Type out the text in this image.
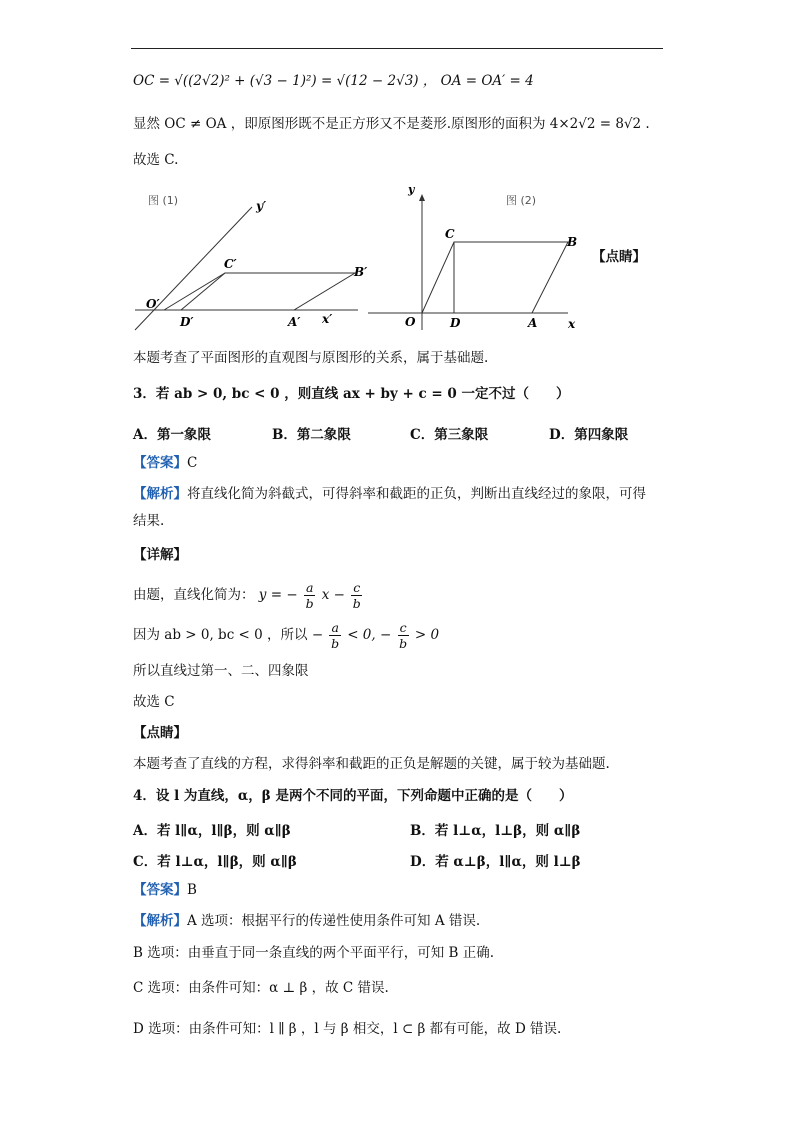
OC = √((2√2)² + (√3 − 1)²) = √(12 − 2√3) ， OA = OA′ = 4
显然 OC ≠ OA ，即原图形既不是正方形又不是菱形.原图形的面积为 4×2√2 = 8√2 .
故选 C.
图 (1)	y′
C′
B′
O′
D′	A′ x′
图 (2)
y
C
B
O	D	A	x
【点睛】
本题考查了平面图形的直观图与原图形的关系，属于基础题.
3．若 ab > 0, bc < 0 ，则直线 ax + by + c = 0 一定不过（　　）
A．第一象限	B．第二象限	C．第三象限	D．第四象限
【答案】C
【解析】将直线化简为斜截式，可得斜率和截距的正负，判断出直线经过的象限，可得
结果.
【详解】
由题，直线化简为： y = − $\frac{a}{b}$ $x - \frac{c}{b}$
因为 ab > 0, bc < 0 ，所以 − $\frac{a}{b} < 0$, − $\frac{c}{b} > 0$
所以直线过第一、二、四象限
故选 C
【点睛】
本题考查了直线的方程，求得斜率和截距的正负是解题的关键，属于较为基础题.
4．设 l 为直线，α，β 是两个不同的平面，下列命题中正确的是（　　）
A．若 l∥α，l∥β，则 α∥β	B．若 l⊥α，l⊥β，则 α∥β
C．若 l⊥α，l∥β，则 α∥β	D．若 α⊥β，l∥α，则 l⊥β
【答案】B
【解析】A 选项：根据平行的传递性使用条件可知 A 错误.
B 选项：由垂直于同一条直线的两个平面平行，可知 B 正确.
C 选项：由条件可知：α ⊥ β ，故 C 错误.
D 选项：由条件可知：l ∥ β ，l 与 β 相交，l ⊂ β 都有可能，故 D 错误.
